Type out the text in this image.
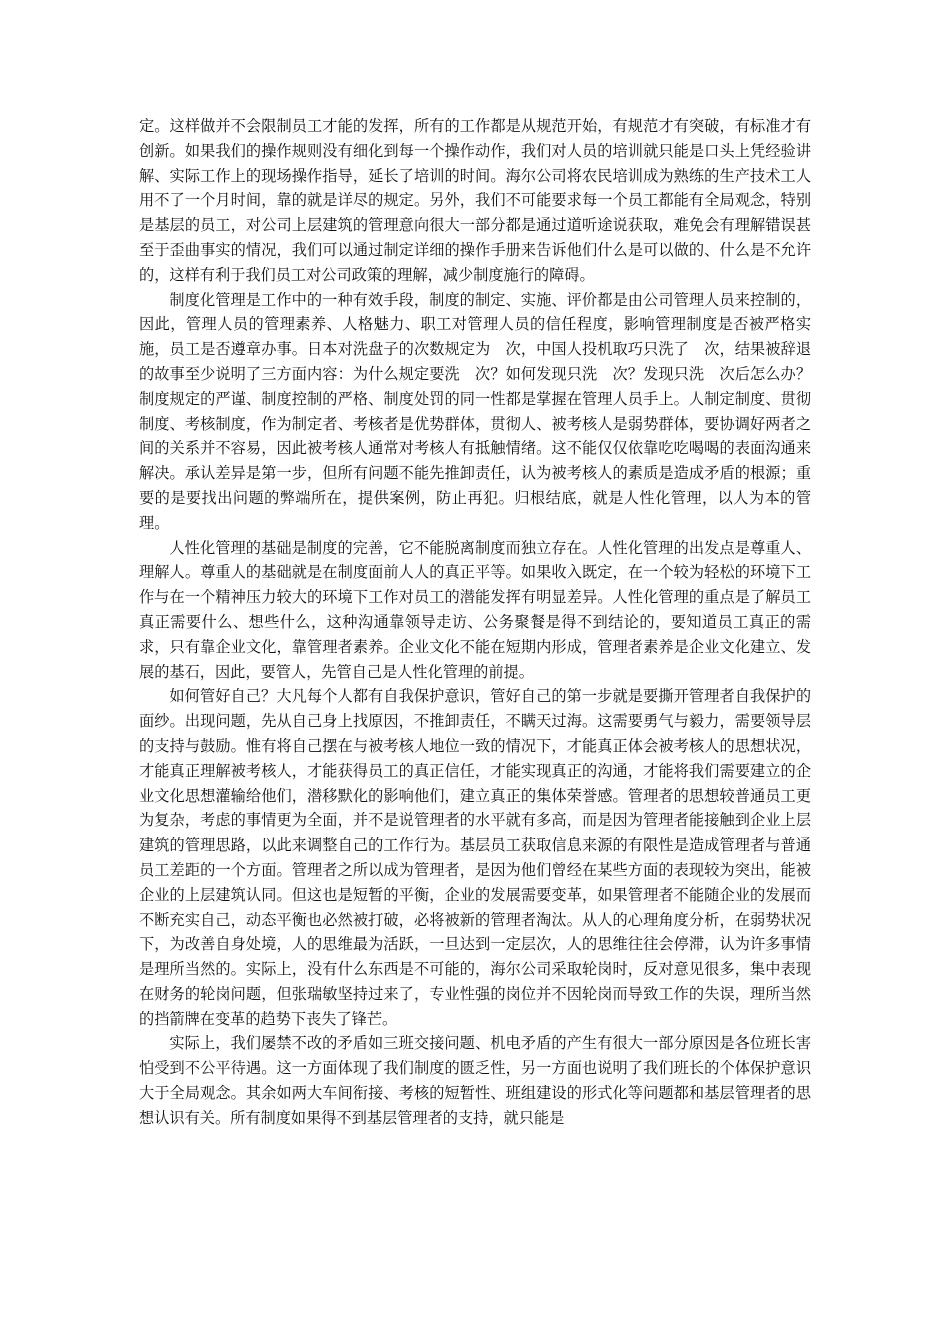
定。这样做并不会限制员工才能的发挥，所有的工作都是从规范开始，有规范才有突破，有标准才有创新。如果我们的操作规则没有细化到每一个操作动作，我们对人员的培训就只能是口头上凭经验讲解、实际工作上的现场操作指导，延长了培训的时间。海尔公司将农民培训成为熟练的生产技术工人用不了一个月时间，靠的就是详尽的规定。另外，我们不可能要求每一个员工都能有全局观念，特别是基层的员工，对公司上层建筑的管理意向很大一部分都是通过道听途说获取，难免会有理解错误甚至于歪曲事实的情况，我们可以通过制定详细的操作手册来告诉他们什么是可以做的、什么是不允许的，这样有利于我们员工对公司政策的理解，减少制度施行的障碍。

制度化管理是工作中的一种有效手段，制度的制定、实施、评价都是由公司管理人员来控制的，因此，管理人员的管理素养、人格魅力、职工对管理人员的信任程度，影响管理制度是否被严格实施，员工是否遵章办事。日本对洗盘子的次数规定为　次，中国人投机取巧只洗了　次，结果被辞退的故事至少说明了三方面内容：为什么规定要洗　次？如何发现只洗　次？发现只洗　次后怎么办？制度规定的严谨、制度控制的严格、制度处罚的同一性都是掌握在管理人员手上。人制定制度、贯彻制度、考核制度，作为制定者、考核者是优势群体，贯彻人、被考核人是弱势群体，要协调好两者之间的关系并不容易，因此被考核人通常对考核人有抵触情绪。这不能仅仅依靠吃吃喝喝的表面沟通来解决。承认差异是第一步，但所有问题不能先推卸责任，认为被考核人的素质是造成矛盾的根源；重要的是要找出问题的弊端所在，提供案例，防止再犯。归根结底，就是人性化管理，以人为本的管理。

人性化管理的基础是制度的完善，它不能脱离制度而独立存在。人性化管理的出发点是尊重人、理解人。尊重人的基础就是在制度面前人人的真正平等。如果收入既定，在一个较为轻松的环境下工作与在一个精神压力较大的环境下工作对员工的潜能发挥有明显差异。人性化管理的重点是了解员工真正需要什么、想些什么，这种沟通靠领导走访、公务聚餐是得不到结论的，要知道员工真正的需求，只有靠企业文化，靠管理者素养。企业文化不能在短期内形成，管理者素养是企业文化建立、发展的基石，因此，要管人，先管自己是人性化管理的前提。

如何管好自己？大凡每个人都有自我保护意识，管好自己的第一步就是要撕开管理者自我保护的面纱。出现问题，先从自己身上找原因，不推卸责任，不瞒天过海。这需要勇气与毅力，需要领导层的支持与鼓励。惟有将自己摆在与被考核人地位一致的情况下，才能真正体会被考核人的思想状况，才能真正理解被考核人，才能获得员工的真正信任，才能实现真正的沟通，才能将我们需要建立的企业文化思想灌输给他们，潜移默化的影响他们，建立真正的集体荣誉感。管理者的思想较普通员工更为复杂，考虑的事情更为全面，并不是说管理者的水平就有多高，而是因为管理者能接触到企业上层建筑的管理思路，以此来调整自己的工作行为。基层员工获取信息来源的有限性是造成管理者与普通员工差距的一个方面。管理者之所以成为管理者，是因为他们曾经在某些方面的表现较为突出，能被企业的上层建筑认同。但这也是短暂的平衡，企业的发展需要变革，如果管理者不能随企业的发展而不断充实自己，动态平衡也必然被打破，必将被新的管理者淘汰。从人的心理角度分析，在弱势状况下，为改善自身处境，人的思维最为活跃，一旦达到一定层次，人的思维往往会停滞，认为许多事情是理所当然的。实际上，没有什么东西是不可能的，海尔公司采取轮岗时，反对意见很多，集中表现在财务的轮岗问题，但张瑞敏坚持过来了，专业性强的岗位并不因轮岗而导致工作的失误，理所当然的挡箭牌在变革的趋势下丧失了锋芒。

实际上，我们屡禁不改的矛盾如三班交接问题、机电矛盾的产生有很大一部分原因是各位班长害怕受到不公平待遇。这一方面体现了我们制度的匮乏性，另一方面也说明了我们班长的个体保护意识大于全局观念。其余如两大车间衔接、考核的短暂性、班组建设的形式化等问题都和基层管理者的思想认识有关。所有制度如果得不到基层管理者的支持，就只能是
